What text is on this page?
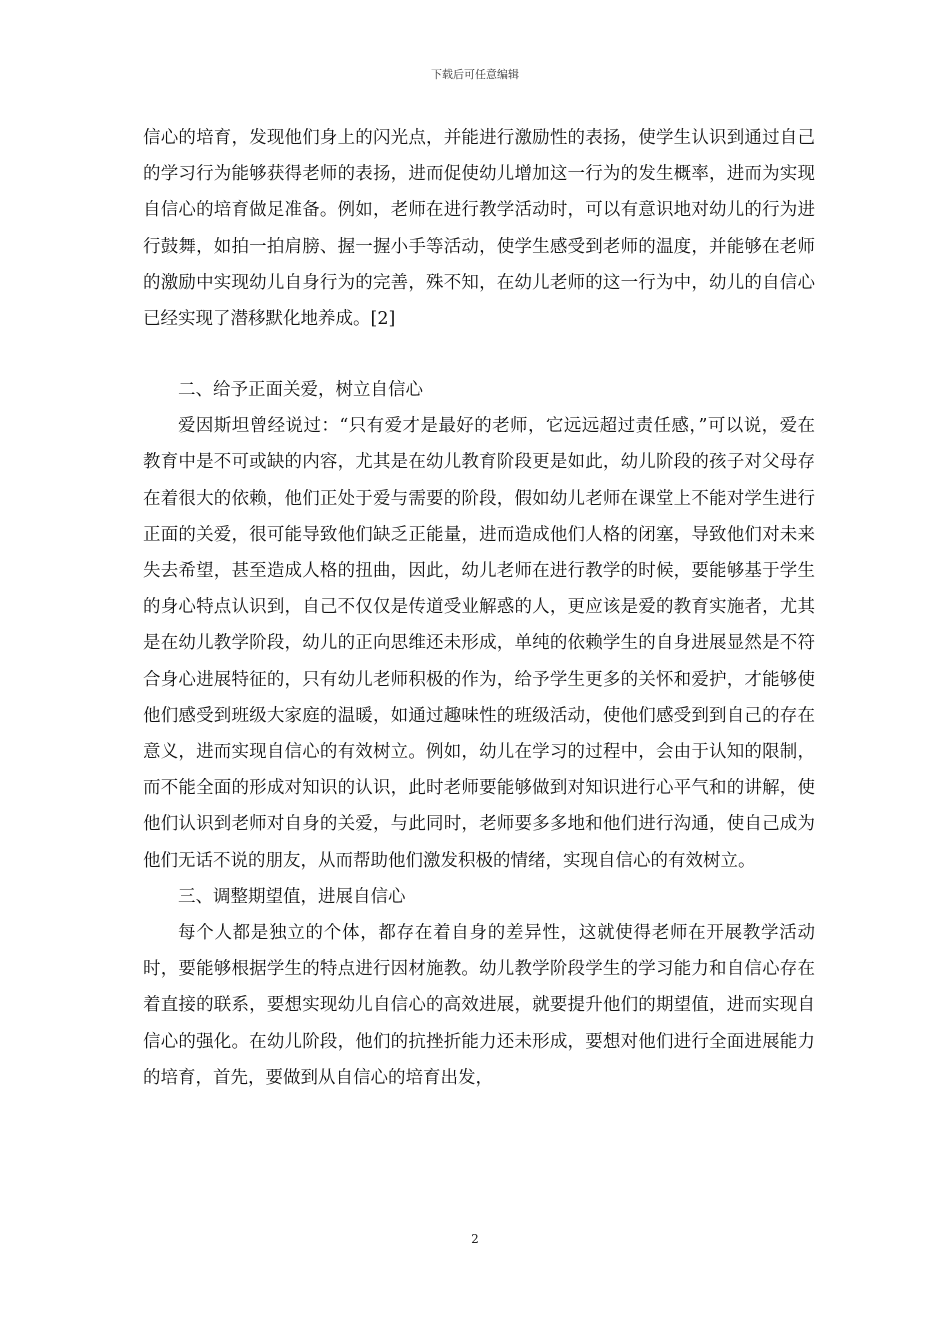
下载后可任意编辑

信心的培育，发现他们身上的闪光点，并能进行激励性的表扬，使学生认识到通过自己的学习行为能够获得老师的表扬，进而促使幼儿增加这一行为的发生概率，进而为实现自信心的培育做足准备。例如，老师在进行教学活动时，可以有意识地对幼儿的行为进行鼓舞，如拍一拍肩膀、握一握小手等活动，使学生感受到老师的温度，并能够在老师的激励中实现幼儿自身行为的完善，殊不知，在幼儿老师的这一行为中，幼儿的自信心已经实现了潜移默化地养成。[2]

二、给予正面关爱，树立自信心

爱因斯坦曾经说过：“只有爱才是最好的老师，它远远超过责任感，”可以说，爱在教育中是不可或缺的内容，尤其是在幼儿教育阶段更是如此，幼儿阶段的孩子对父母存在着很大的依赖，他们正处于爱与需要的阶段，假如幼儿老师在课堂上不能对学生进行正面的关爱，很可能导致他们缺乏正能量，进而造成他们人格的闭塞，导致他们对未来失去希望，甚至造成人格的扭曲，因此，幼儿老师在进行教学的时候，要能够基于学生的身心特点认识到，自己不仅仅是传道受业解惑的人，更应该是爱的教育实施者，尤其是在幼儿教学阶段，幼儿的正向思维还未形成，单纯的依赖学生的自身进展显然是不符合身心进展特征的，只有幼儿老师积极的作为，给予学生更多的关怀和爱护，才能够使他们感受到班级大家庭的温暖，如通过趣味性的班级活动，使他们感受到到自己的存在意义，进而实现自信心的有效树立。例如，幼儿在学习的过程中，会由于认知的限制，而不能全面的形成对知识的认识，此时老师要能够做到对知识进行心平气和的讲解，使他们认识到老师对自身的关爱，与此同时，老师要多多地和他们进行沟通，使自己成为他们无话不说的朋友，从而帮助他们激发积极的情绪，实现自信心的有效树立。

三、调整期望值，进展自信心

每个人都是独立的个体，都存在着自身的差异性，这就使得老师在开展教学活动时，要能够根据学生的特点进行因材施教。幼儿教学阶段学生的学习能力和自信心存在着直接的联系，要想实现幼儿自信心的高效进展，就要提升他们的期望值，进而实现自信心的强化。在幼儿阶段，他们的抗挫折能力还未形成，要想对他们进行全面进展能力的培育，首先，要做到从自信心的培育出发，

2
